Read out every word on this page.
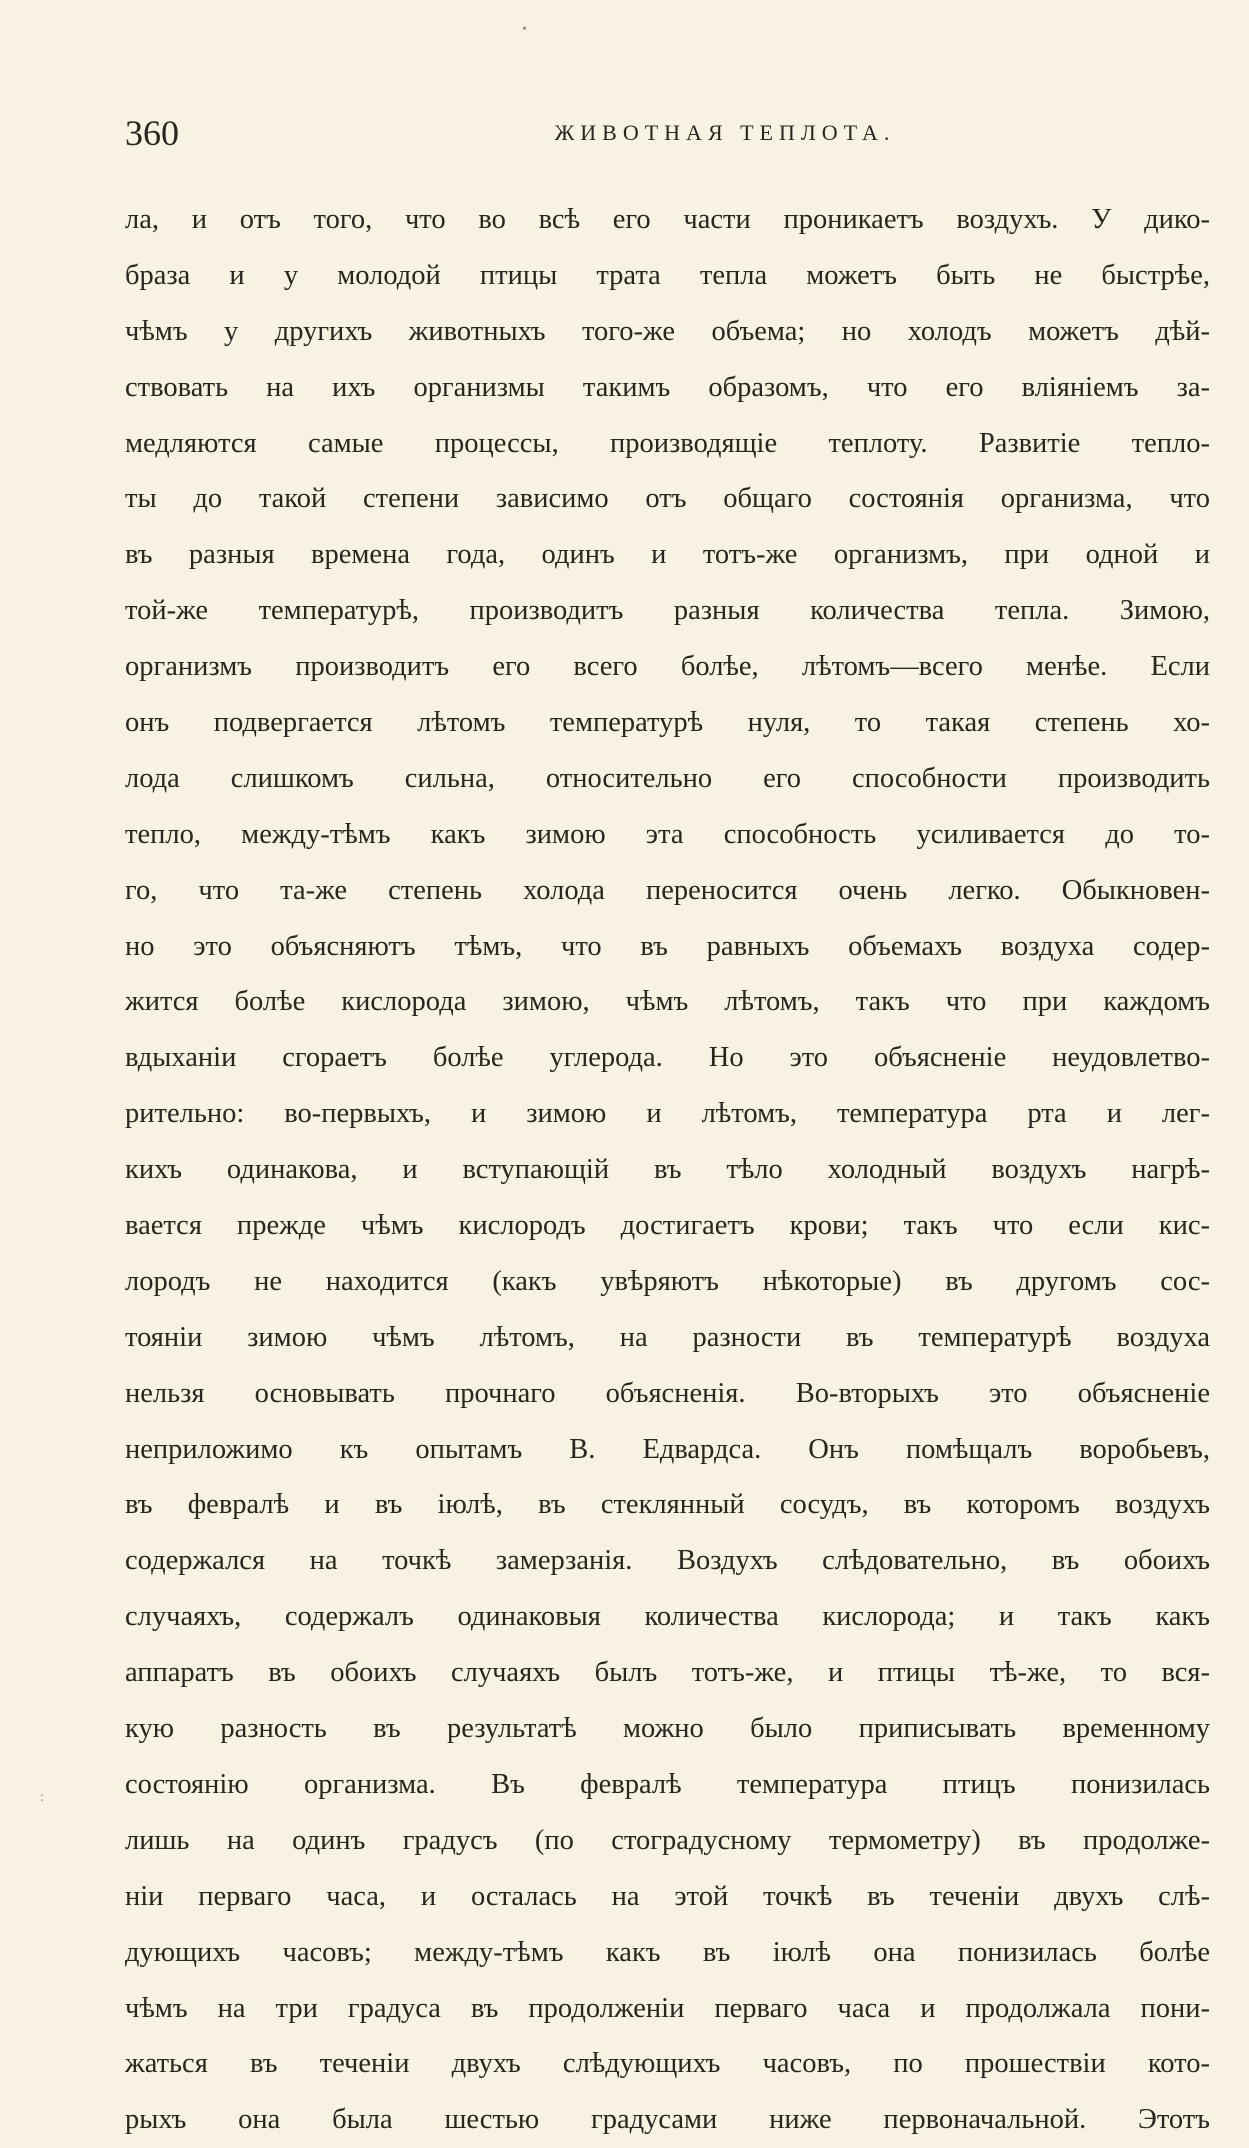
360	ЖИВОТНАЯ ТЕПЛОТА.
ла, и отъ того, что во всѣ его части проникаетъ воздухъ. У дико-
браза и у молодой птицы трата тепла можетъ быть не быстрѣе,
чѣмъ у другихъ животныхъ того-же объема; но холодъ можетъ дѣй-
ствовать на ихъ организмы такимъ образомъ, что его вліяніемъ за-
медляются самые процессы, производящіе теплоту. Развитіе тепло-
ты до такой степени зависимо отъ общаго состоянія организма, что
въ разныя времена года, одинъ и тотъ-же организмъ, при одной и
той-же температурѣ, производитъ разныя количества тепла. Зимою,
организмъ производитъ его всего болѣе, лѣтомъ—всего менѣе. Если
онъ подвергается лѣтомъ температурѣ нуля, то такая степень хо-
лода слишкомъ сильна, относительно его способности производить
тепло, между-тѣмъ какъ зимою эта способность усиливается до то-
го, что та-же степень холода переносится очень легко. Обыкновен-
но это объясняютъ тѣмъ, что въ равныхъ объемахъ воздуха содер-
жится болѣе кислорода зимою, чѣмъ лѣтомъ, такъ что при каждомъ
вдыханіи сгораетъ болѣе углерода. Но это объясненіе неудовлетво-
рительно: во-первыхъ, и зимою и лѣтомъ, температура рта и лег-
кихъ одинакова, и вступающій въ тѣло холодный воздухъ нагрѣ-
вается прежде чѣмъ кислородъ достигаетъ крови; такъ что если кис-
лородъ не находится (какъ увѣряютъ нѣкоторые) въ другомъ сос-
тояніи зимою чѣмъ лѣтомъ, на разности въ температурѣ воздуха
нельзя основывать прочнаго объясненія. Во-вторыхъ это объясненіе
неприложимо къ опытамъ В. Едвардса. Онъ помѣщалъ воробьевъ,
въ февралѣ и въ іюлѣ, въ стеклянный сосудъ, въ которомъ воздухъ
содержался на точкѣ замерзанія. Воздухъ слѣдовательно, въ обоихъ
случаяхъ, содержалъ одинаковыя количества кислорода; и такъ какъ
аппаратъ въ обоихъ случаяхъ былъ тотъ-же, и птицы тѣ-же, то вся-
кую разность въ результатѣ можно было приписывать временному
состоянію организма. Въ февралѣ температура птицъ понизилась
лишь на одинъ градусъ (по стоградусному термометру) въ продолже-
ніи перваго часа, и осталась на этой точкѣ въ теченіи двухъ слѣ-
дующихъ часовъ; между-тѣмъ какъ въ іюлѣ она понизилась болѣе
чѣмъ на три градуса въ продолженіи перваго часа и продолжала пони-
жаться въ теченіи двухъ слѣдующихъ часовъ, по прошествіи кото-
рыхъ она была шестью градусами ниже первоначальной. Этотъ
•
:
